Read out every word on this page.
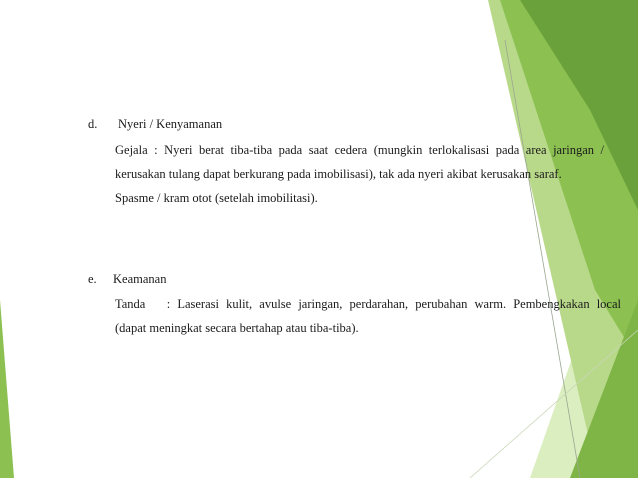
d. Nyeri / Kenyamanan
Gejala : Nyeri berat tiba-tiba pada saat cedera (mungkin terlokalisasi pada area jaringan /
kerusakan tulang dapat berkurang pada imobilisasi), tak ada nyeri akibat kerusakan saraf.
Spasme / kram otot (setelah imobilitasi).
e. Keamanan
Tanda   : Laserasi kulit, avulse jaringan, perdarahan, perubahan warm. Pembengkakan local
(dapat meningkat secara bertahap atau tiba-tiba).
